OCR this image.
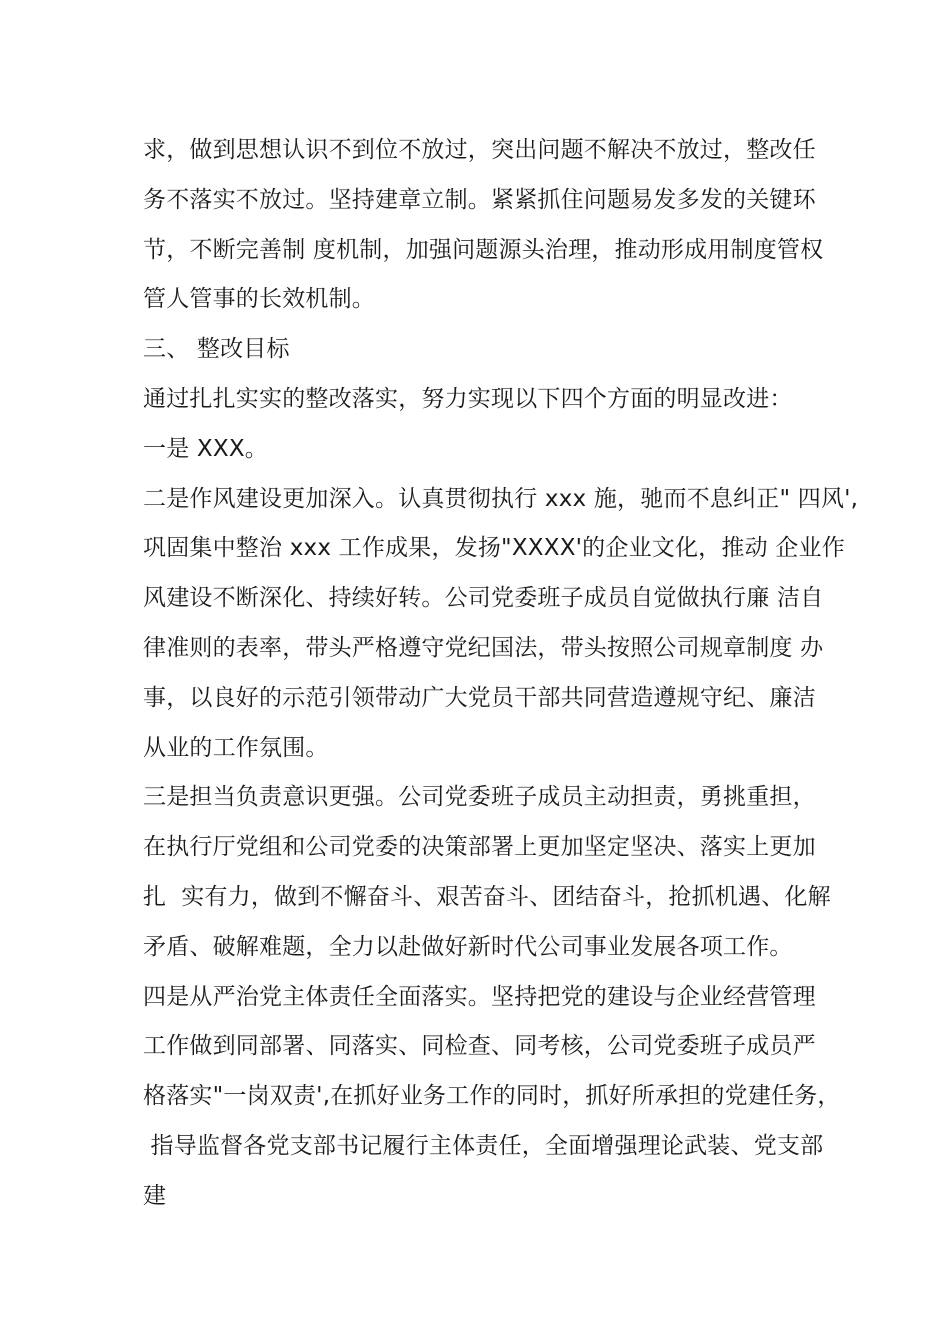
求，做到思想认识不到位不放过，突出问题不解决不放过，整改任
务不落实不放过。坚持建章立制。紧紧抓住问题易发多发的关键环
节，不断完善制 度机制，加强问题源头治理，推动形成用制度管权
管人管事的长效机制。
三、 整改目标
通过扎扎实实的整改落实，努力实现以下四个方面的明显改进：
一是 XXX。
二是作风建设更加深入。认真贯彻执行 xxx 施，驰而不息纠正" 四风',
巩固集中整治 xxx 工作成果，发扬"XXXX'的企业文化，推动 企业作
风建设不断深化、持续好转。公司党委班子成员自觉做执行廉 洁自
律准则的表率，带头严格遵守党纪国法，带头按照公司规章制度 办
事，以良好的示范引领带动广大党员干部共同营造遵规守纪、廉洁
从业的工作氛围。
三是担当负责意识更强。公司党委班子成员主动担责，勇挑重担，
在执行厅党组和公司党委的决策部署上更加坚定坚决、落实上更加
扎  实有力，做到不懈奋斗、艰苦奋斗、团结奋斗，抢抓机遇、化解
矛盾、破解难题，全力以赴做好新时代公司事业发展各项工作。
四是从严治党主体责任全面落实。坚持把党的建设与企业经营管理
工作做到同部署、同落实、同检查、同考核，公司党委班子成员严
格落实"一岗双责',在抓好业务工作的同时，抓好所承担的党建任务，
指导监督各党支部书记履行主体责任，全面增强理论武装、党支部
建
